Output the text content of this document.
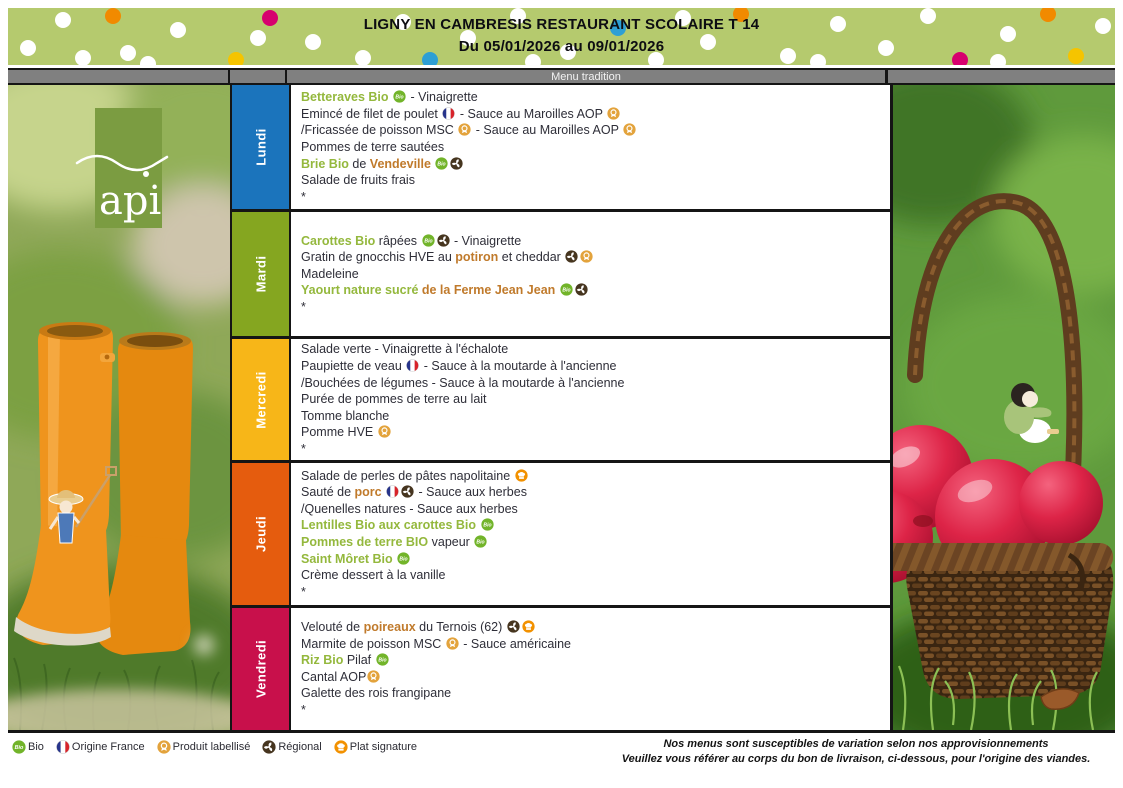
LIGNY EN CAMBRESIS RESTAURANT SCOLAIRE T 14
Du 05/01/2026 au 09/01/2026
Menu tradition
api
Lundi
Betteraves Bio Bio - Vinaigrette
Emincé de filet de poulet
- Sauce au Maroilles AOP
/Fricassée de poisson MSC
- Sauce au Maroilles AOP
Pommes de terre sautées
Brie Bio de Vendeville Bio
Salade de fruits frais
*
Mardi
Carottes Bio râpées Bio - Vinaigrette
Gratin de gnocchis HVE au potiron et cheddar
Madeleine
Yaourt nature sucré de la Ferme Jean Jean Bio
*
Mercredi
Salade verte - Vinaigrette à l'échalote
Paupiette de veau
- Sauce à la moutarde à l'ancienne
/Bouchées de légumes - Sauce à la moutarde à l'ancienne
Purée de pommes de terre au lait
Tomme blanche
Pomme HVE
*
Jeudi
Salade de perles de pâtes napolitaine
Sauté de porc
- Sauce aux herbes
/Quenelles natures - Sauce aux herbes
Lentilles Bio aux carottes Bio Bio
Pommes de terre BIO vapeur Bio
Saint Môret Bio Bio
Crème dessert à la vanille
*
Vendredi
Velouté de poireaux du Ternois (62)
Marmite de poisson MSC
- Sauce américaine
Riz Bio Pilaf Bio
Cantal AOP
Galette des rois frangipane
*
Bio Bio	Origine France	Produit labellisé	Régional	Plat signature	Nos menus sont susceptibles de variation selon nos approvisionnements
Veuillez vous référer au corps du bon de livraison, ci-dessous, pour l'origine des viandes.
